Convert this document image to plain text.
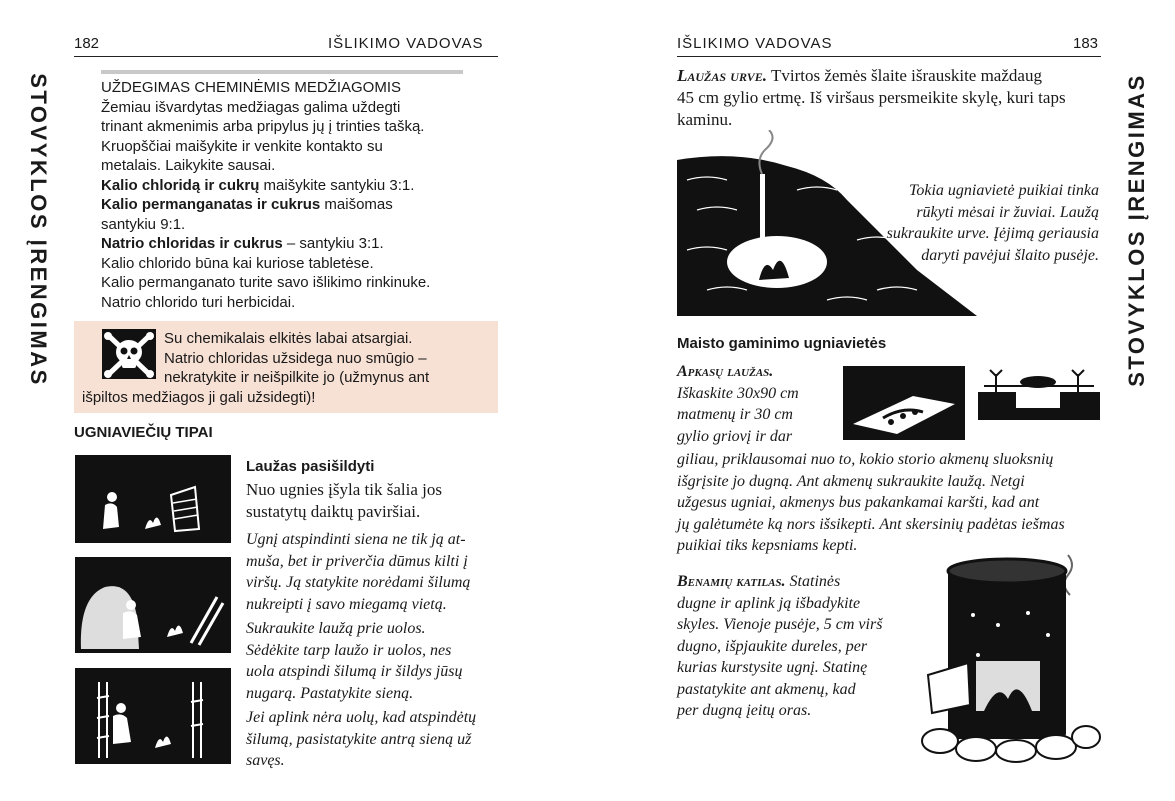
182	IŠLIKIMO VADOVAS
STOVYKLOS ĮRENGIMAS	UŽDEGIMAS CHEMINĖMIS MEDŽIAGOMIS

Žemiau išvardytas medžiagas galima uždegti

trinant akmenimis arba pripylus jų į trinties tašką.

Kruopščiai maišykite ir venkite kontakto su

metalais. Laikykite sausai.

Kalio chloridą ir cukrų maišykite santykiu 3:1.

Kalio permanganatas ir cukrus maišomas

santykiu 9:1.

Natrio chloridas ir cukrus – santykiu 3:1.

Kalio chlorido būna kai kuriose tabletėse.

Kalio permanganato turite savo išlikimo rinkinuke.

Natrio chlorido turi herbicidai.

Su chemikalais elkitės labai atsargiai.
Natrio chloridas užsidega nuo smūgio –
nekratykite ir neišpilkite jo (užmynus ant
išpiltos medžiagos ji gali užsidegti)!
UGNIAVIEČIŲ TIPAI
Laužas pasišildyti
Nuo ugnies įšyla tik šalia jos
sustatytų daiktų paviršiai.
Ugnį atspindinti siena ne tik ją at-
muša, bet ir priverčia dūmus kilti į
viršų. Ją statykite norėdami šilumą
nukreipti į savo miegamą vietą.
Sukraukite laužą prie uolos.
Sėdėkite tarp laužo ir uolos, nes
uola atspindi šilumą ir šildys jūsų
nugarą. Pastatykite sieną.
Jei aplink nėra uolų, kad atspindėtų
šilumą, pasistatykite antrą sieną už
savęs.
IŠLIKIMO VADOVAS	183
STOVYKLOS ĮRENGIMAS
Laužas urve. Tvirtos žemės šlaite išrauskite maždaug
45 cm gylio ertmę. Iš viršaus persmeikite skylę, kuri taps
kaminu.
Tokia ugniavietė puikiai tinka
rūkyti mėsai ir žuviai. Laužą
sukraukite urve. Įėjimą geriausia
daryti pavėjui šlaito pusėje.
Maisto gaminimo ugniavietės
Apkasų laužas.
Iškaskite 30x90 cm
matmenų ir 30 cm
gylio griovį ir dar
giliau, priklausomai nuo to, kokio storio akmenų sluoksnių
išgrįsite jo dugną. Ant akmenų sukraukite laužą. Netgi
užgesus ugniai, akmenys bus pakankamai karšti, kad ant
jų galėtumėte ką nors išsikepti. Ant skersinių padėtas iešmas
puikiai tiks kepsniams kepti.
Benamių katilas. Statinės
dugne ir aplink ją išbadykite
skyles. Vienoje pusėje, 5 cm virš
dugno, išpjaukite dureles, per
kurias kurstysite ugnį. Statinę
pastatykite ant akmenų, kad
per dugną įeitų oras.
